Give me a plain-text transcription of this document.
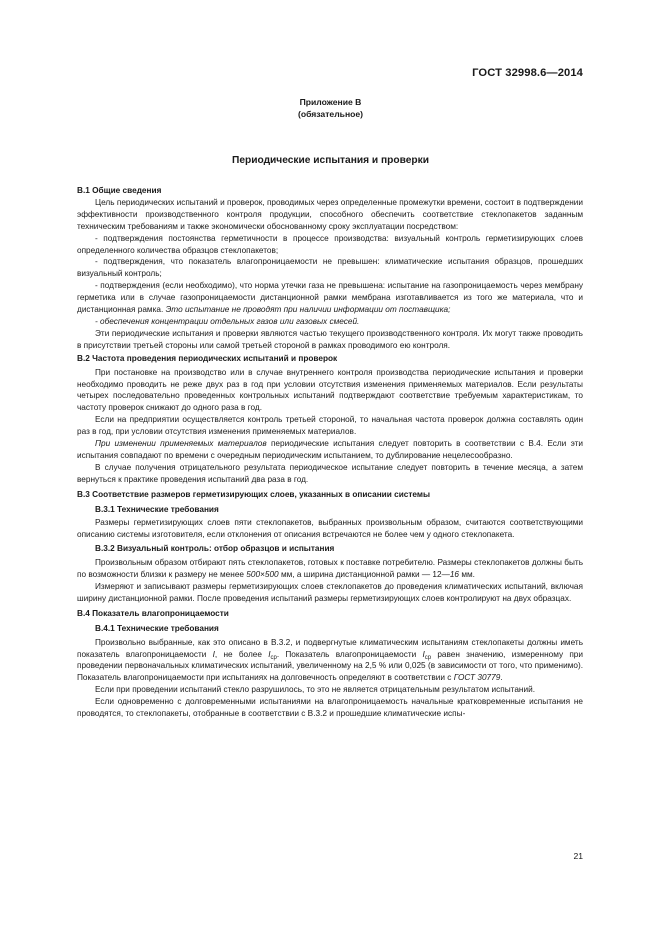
ГОСТ 32998.6—2014
Приложение В
(обязательное)
Периодические испытания и проверки

В.1 Общие сведения

Цель периодических испытаний и проверок, проводимых через определенные промежутки времени, состоит в подтверждении эффективности производственного контроля продукции, способного обеспечить соответствие стеклопакетов заданным техническим требованиям и также экономически обоснованному сроку эксплуатации посредством:

- подтверждения постоянства герметичности в процессе производства: визуальный контроль герметизирующих слоев определенного количества образцов стеклопакетов;

- подтверждения, что показатель влагопроницаемости не превышен: климатические испытания образцов, прошедших визуальный контроль;

- подтверждения (если необходимо), что норма утечки газа не превышена: испытание на газопроницаемость через мембрану герметика или в случае газопроницаемости дистанционной рамки мембрана изготавливается из того же материала, что и дистанционная рамка. Это испытание не проводят при наличии информации от поставщика;

- обеспечения концентрации отдельных газов или газовых смесей.

Эти периодические испытания и проверки являются частью текущего производственного контроля. Их могут также проводить в присутствии третьей стороны или самой третьей стороной в рамках проводимого ею контроля.

В.2 Частота проведения периодических испытаний и проверок

При постановке на производство или в случае внутреннего контроля производства периодические испытания и проверки необходимо проводить не реже двух раз в год при условии отсутствия изменения применяемых материалов. Если результаты четырех последовательно проведенных контрольных испытаний подтверждают соответствие требуемым характеристикам, то частоту проверок снижают до одного раза в год.

Если на предприятии осуществляется контроль третьей стороной, то начальная частота проверок должна составлять один раз в год, при условии отсутствия изменения применяемых материалов.

При изменении применяемых материалов периодические испытания следует повторить в соответствии с В.4. Если эти испытания совпадают по времени с очередным периодическим испытанием, то дублирование нецелесообразно.

В случае получения отрицательного результата периодическое испытание следует повторить в течение месяца, а затем вернуться к практике проведения испытаний два раза в год.

В.3 Соответствие размеров герметизирующих слоев, указанных в описании системы

В.3.1 Технические требования

Размеры герметизирующих слоев пяти стеклопакетов, выбранных произвольным образом, считаются соответствующими описанию системы изготовителя, если отклонения от описания встречаются не более чем у одного стеклопакета.

В.3.2 Визуальный контроль: отбор образцов и испытания

Произвольным образом отбирают пять стеклопакетов, готовых к поставке потребителю. Размеры стеклопакетов должны быть по возможности близки к размеру не менее 500×500 мм, а ширина дистанционной рамки — 12—16 мм.

Измеряют и записывают размеры герметизирующих слоев стеклопакетов до проведения климатических испытаний, включая ширину дистанционной рамки. После проведения испытаний размеры герметизирующих слоев контролируют на двух образцах.

В.4 Показатель влагопроницаемости

В.4.1 Технические требования

Произвольно выбранные, как это описано в В.3.2, и подвергнутые климатическим испытаниям стеклопакеты должны иметь показатель влагопроницаемости I, не более $I_{ср}$. Показатель влагопроницаемости $I_{ср}$ равен значению, измеренному при проведении первоначальных климатических испытаний, увеличенному на 2,5 % или 0,025 (в зависимости от того, что применимо). Показатель влагопроницаемости при испытаниях на долговечность определяют в соответствии с ГОСТ 30779.

Если при проведении испытаний стекло разрушилось, то это не является отрицательным результатом испытаний.

Если одновременно с долговременными испытаниями на влагопроницаемость начальные кратковременные испытания не проводятся, то стеклопакеты, отобранные в соответствии с В.3.2 и прошедшие климатические испы-

21
